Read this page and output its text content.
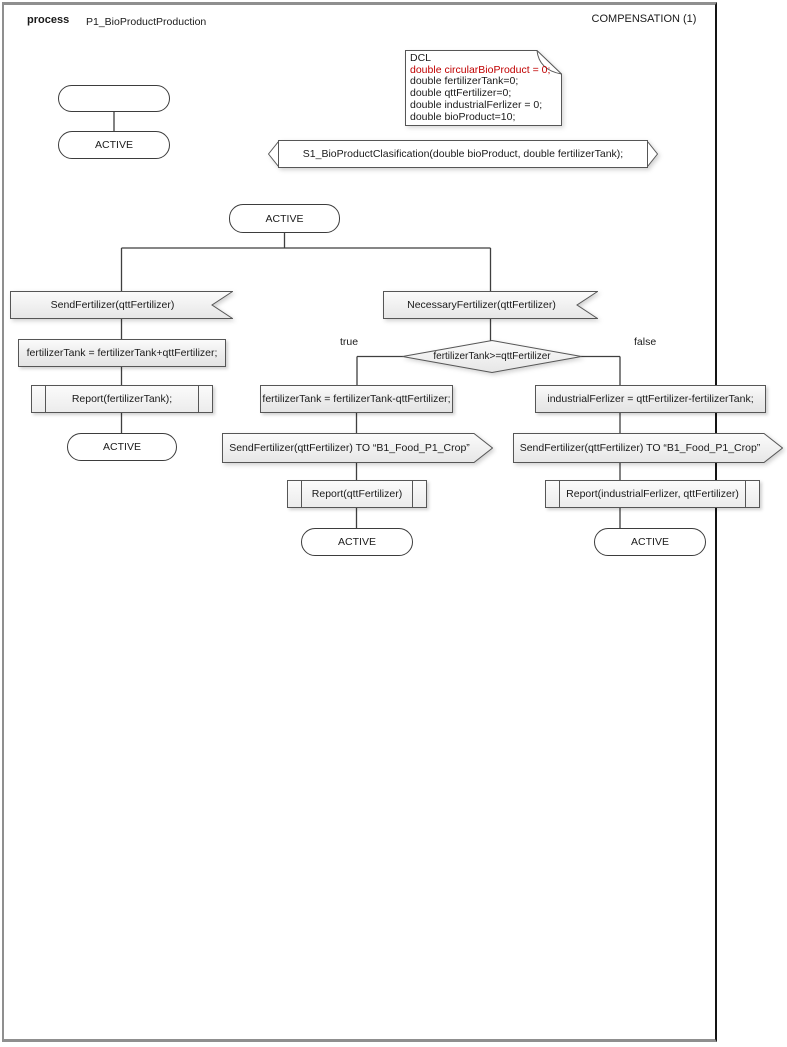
process P1_BioProductProduction	COMPENSATION (1)
DCL
double circularBioProduct = 0;
double fertilizerTank=0;
double qttFertilizer=0;
double industrialFerlizer = 0;
double bioProduct=10;
ACTIVE
S1_BioProductClasification(double bioProduct, double fertilizerTank);
ACTIVE
SendFertilizer(qttFertilizer)
fertilizerTank = fertilizerTank+qttFertilizer;
Report(fertilizerTank);
ACTIVE
NecessaryFertilizer(qttFertilizer)
fertilizerTank>=qttFertilizer
true	false
fertilizerTank = fertilizerTank-qttFertilizer;
SendFertilizer(qttFertilizer) TO “B1_Food_P1_Crop”
Report(qttFertilizer)
ACTIVE
industrialFerlizer = qttFertilizer-fertilizerTank;
SendFertilizer(qttFertilizer) TO “B1_Food_P1_Crop”
Report(industrialFerlizer, qttFertilizer)
ACTIVE
